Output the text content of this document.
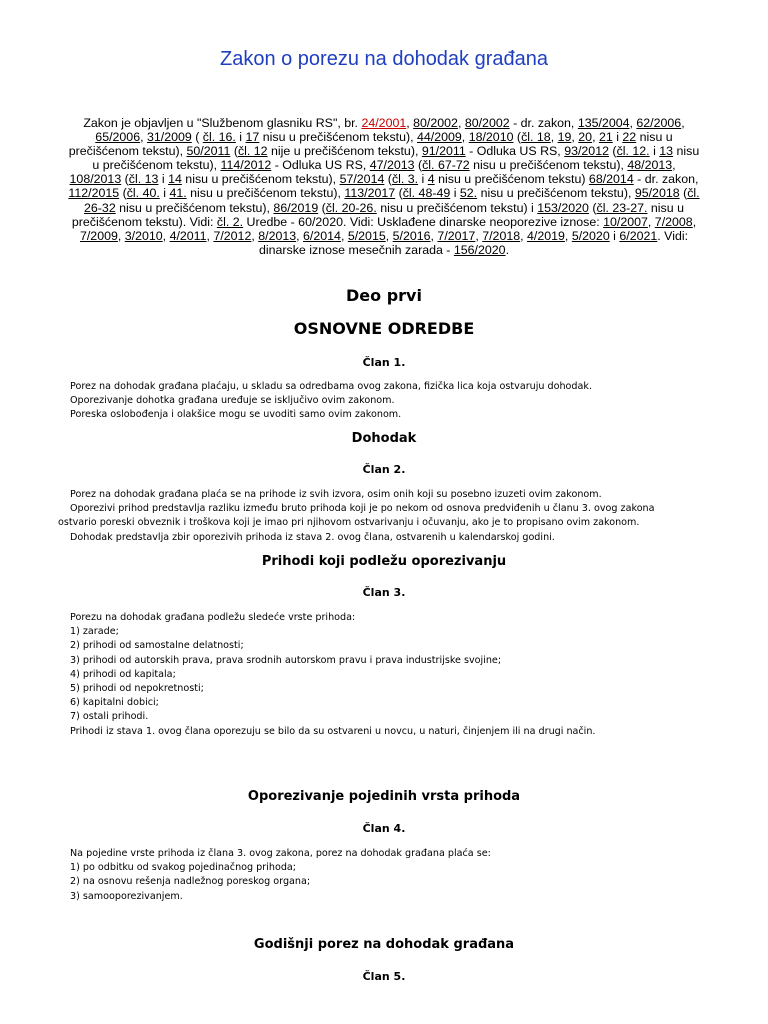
Zakon o porezu na dohodak građana

Zakon je objavljen u "Službenom glasniku RS", br. 24/2001, 80/2002, 80/2002 - dr. zakon, 135/2004, 62/2006, 65/2006, 31/2009 ( čl. 16. i 17 nisu u prečišćenom tekstu), 44/2009, 18/2010 (čl. 18, 19, 20, 21 i 22 nisu u prečišćenom tekstu), 50/2011 (čl. 12 nije u prečišćenom tekstu), 91/2011 - Odluka US RS, 93/2012 (čl. 12. i 13 nisu u prečišćenom tekstu), 114/2012 - Odluka US RS, 47/2013 (čl. 67-72 nisu u prečišćenom tekstu), 48/2013, 108/2013 (čl. 13 i 14 nisu u prečišćenom tekstu), 57/2014 (čl. 3. i 4 nisu u prečišćenom tekstu) 68/2014 - dr. zakon, 112/2015 (čl. 40. i 41. nisu u prečišćenom tekstu), 113/2017 (čl. 48-49 i 52. nisu u prečišćenom tekstu), 95/2018 (čl. 26-32 nisu u prečišćenom tekstu), 86/2019 (čl. 20-26. nisu u prečišćenom tekstu) i 153/2020 (čl. 23-27. nisu u prečišćenom tekstu). Vidi: čl. 2. Uredbe - 60/2020. Vidi: Usklađene dinarske neoporezive iznose: 10/2007, 7/2008, 7/2009, 3/2010, 4/2011, 7/2012, 8/2013, 6/2014, 5/2015, 5/2016, 7/2017, 7/2018, 4/2019, 5/2020 i 6/2021. Vidi: dinarske iznose mesečnih zarada - 156/2020.

Deo prvi
OSNOVNE ODREDBE
Član 1.
Porez na dohodak građana plaćaju, u skladu sa odredbama ovog zakona, fizička lica koja ostvaruju dohodak.
Oporezivanje dohotka građana uređuje se isključivo ovim zakonom.
Poreska oslobođenja i olakšice mogu se uvoditi samo ovim zakonom.
Dohodak
Član 2.
Porez na dohodak građana plaća se na prihode iz svih izvora, osim onih koji su posebno izuzeti ovim zakonom.
Oporezivi prihod predstavlja razliku između bruto prihoda koji je po nekom od osnova predviđenih u članu 3. ovog zakona
ostvario poreski obveznik i troškova koji je imao pri njihovom ostvarivanju i očuvanju, ako je to propisano ovim zakonom.
Dohodak predstavlja zbir oporezivih prihoda iz stava 2. ovog člana, ostvarenih u kalendarskoj godini.
Prihodi koji podležu oporezivanju
Član 3.
Porezu na dohodak građana podležu sledeće vrste prihoda:
1) zarade;
2) prihodi od samostalne delatnosti;
3) prihodi od autorskih prava, prava srodnih autorskom pravu i prava industrijske svojine;
4) prihodi od kapitala;
5) prihodi od nepokretnosti;
6) kapitalni dobici;
7) ostali prihodi.
Prihodi iz stava 1. ovog člana oporezuju se bilo da su ostvareni u novcu, u naturi, činjenjem ili na drugi način.
Oporezivanje pojedinih vrsta prihoda
Član 4.
Na pojedine vrste prihoda iz člana 3. ovog zakona, porez na dohodak građana plaća se:
1) po odbitku od svakog pojedinačnog prihoda;
2) na osnovu rešenja nadležnog poreskog organa;
3) samooporezivanjem.
Godišnji porez na dohodak građana
Član 5.
